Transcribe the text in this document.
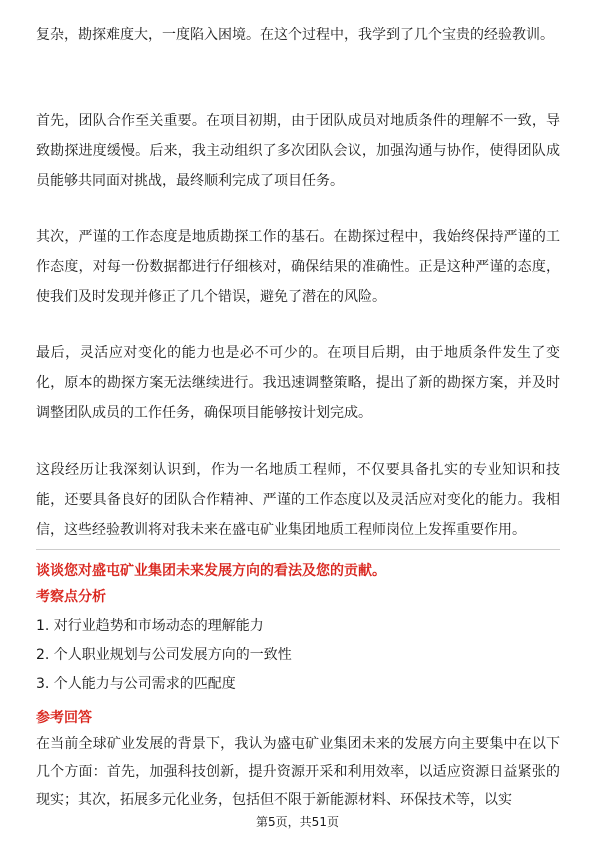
复杂，勘探难度大，一度陷入困境。在这个过程中，我学到了几个宝贵的经验教训。

首先，团队合作至关重要。在项目初期，由于团队成员对地质条件的理解不一致，导致勘探进度缓慢。后来，我主动组织了多次团队会议，加强沟通与协作，使得团队成员能够共同面对挑战，最终顺利完成了项目任务。

其次，严谨的工作态度是地质勘探工作的基石。在勘探过程中，我始终保持严谨的工作态度，对每一份数据都进行仔细核对，确保结果的准确性。正是这种严谨的态度，使我们及时发现并修正了几个错误，避免了潜在的风险。

最后，灵活应对变化的能力也是必不可少的。在项目后期，由于地质条件发生了变化，原本的勘探方案无法继续进行。我迅速调整策略，提出了新的勘探方案，并及时调整团队成员的工作任务，确保项目能够按计划完成。

这段经历让我深刻认识到，作为一名地质工程师，不仅要具备扎实的专业知识和技能，还要具备良好的团队合作精神、严谨的工作态度以及灵活应对变化的能力。我相信，这些经验教训将对我未来在盛屯矿业集团地质工程师岗位上发挥重要作用。

谈谈您对盛屯矿业集团未来发展方向的看法及您的贡献。
考察点分析
1. 对行业趋势和市场动态的理解能力
2. 个人职业规划与公司发展方向的一致性
3. 个人能力与公司需求的匹配度
参考回答

在当前全球矿业发展的背景下，我认为盛屯矿业集团未来的发展方向主要集中在以下几个方面：首先，加强科技创新，提升资源开采和利用效率，以适应资源日益紧张的现实；其次，拓展多元化业务，包括但不限于新能源材料、环保技术等，以实

第5页，共51页
